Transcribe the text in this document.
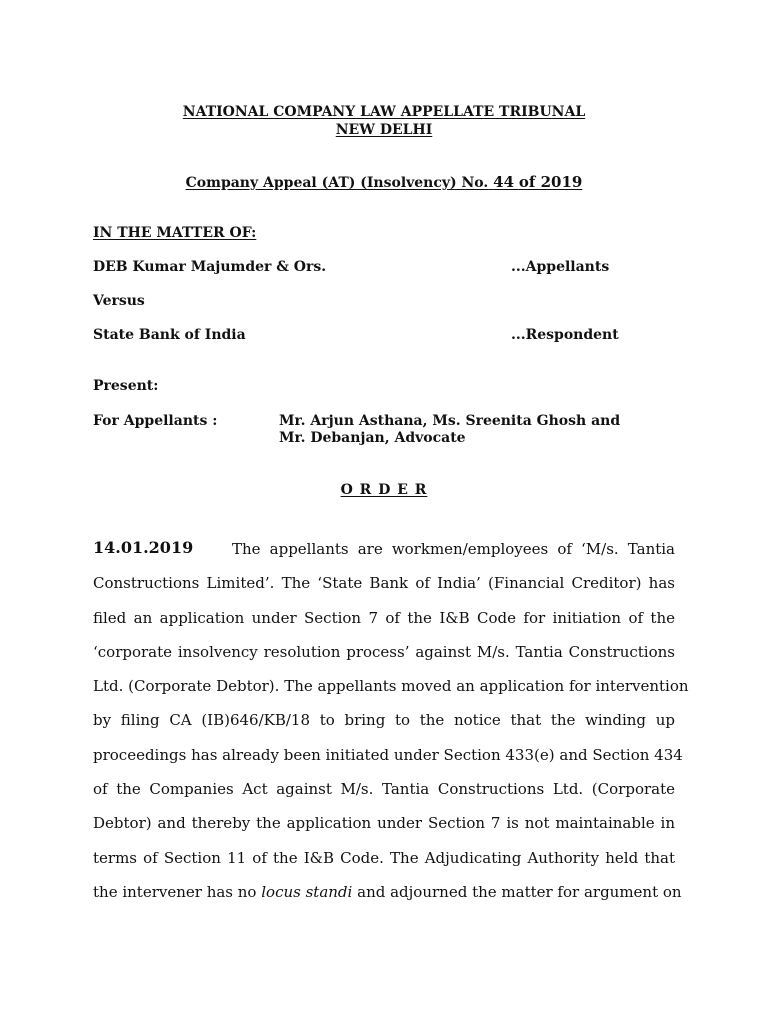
NATIONAL COMPANY LAW APPELLATE TRIBUNAL
NEW DELHI
Company Appeal (AT) (Insolvency) No. 44 of 2019
IN THE MATTER OF:
DEB Kumar Majumder & Ors.	...Appellants
Versus
State Bank of India	...Respondent
Present:
For Appellants :	Mr. Arjun Asthana, Ms. Sreenita Ghosh and
Mr. Debanjan, Advocate
O R D E R
14.01.2019	The appellants are workmen/employees of ‘M/s. Tantia
Constructions Limited’. The ‘State Bank of India’ (Financial Creditor) has
filed an application under Section 7 of the I&B Code for initiation of the
‘corporate insolvency resolution process’ against M/s. Tantia Constructions
Ltd. (Corporate Debtor). The appellants moved an application for intervention
by filing CA (IB)646/KB/18 to bring to the notice that the winding up
proceedings has already been initiated under Section 433(e) and Section 434
of the Companies Act against M/s. Tantia Constructions Ltd. (Corporate
Debtor) and thereby the application under Section 7 is not maintainable in
terms of Section 11 of the I&B Code. The Adjudicating Authority held that
the intervener has no locus standi and adjourned the matter for argument on
